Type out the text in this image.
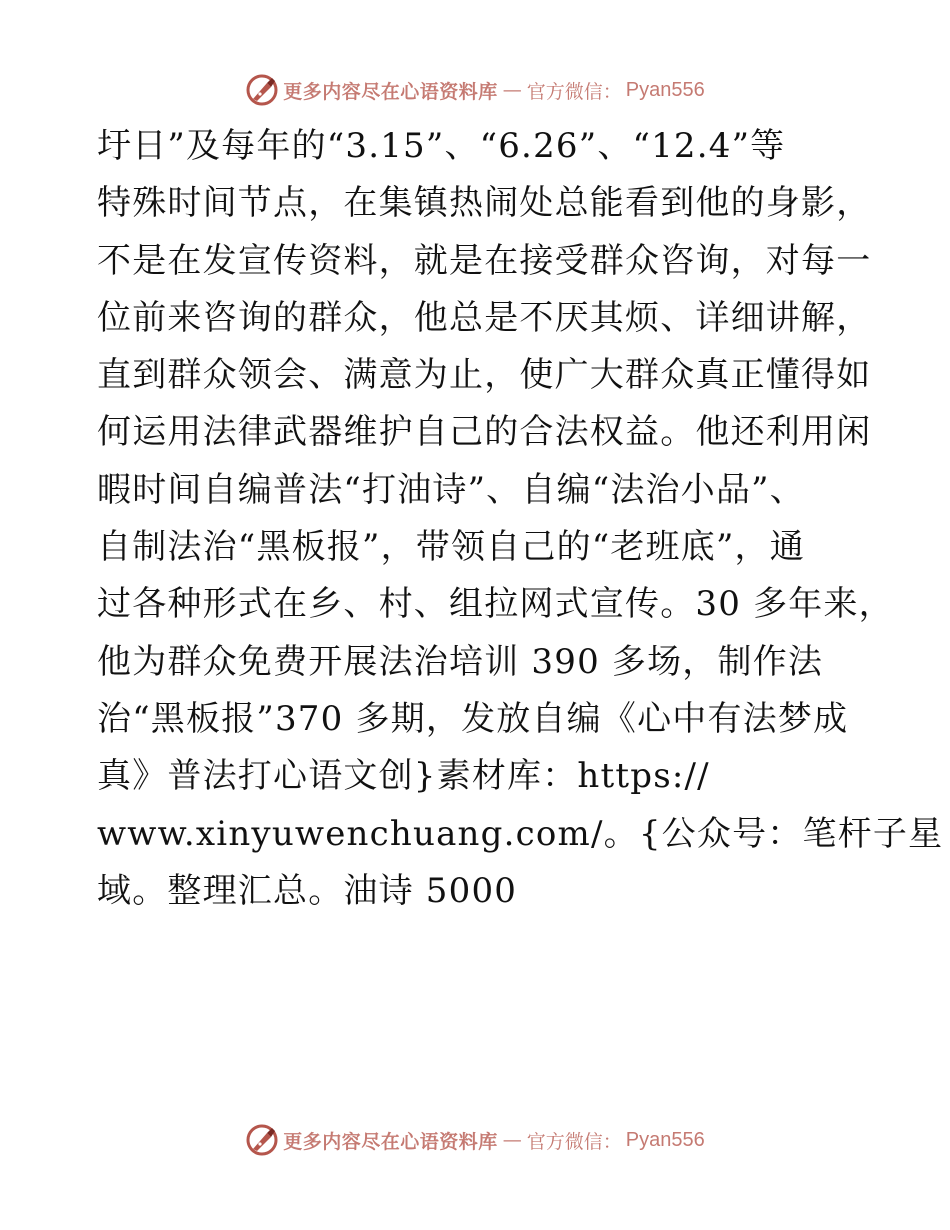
更多内容尽在心语资料库 — 官方微信： Pyan556
圩日”及每年的“3.15”、“6.26”、“12.4”等
特殊时间节点，在集镇热闹处总能看到他的身影，
不是在发宣传资料，就是在接受群众咨询，对每一
位前来咨询的群众，他总是不厌其烦、详细讲解，
直到群众领会、满意为止，使广大群众真正懂得如
何运用法律武器维护自己的合法权益。他还利用闲
暇时间自编普法“打油诗”、自编“法治小品”、
自制法治“黑板报”，带领自己的“老班底”，通
过各种形式在乡、村、组拉网式宣传。30 多年来，
他为群众免费开展法治培训 390 多场，制作法
治“黑板报”370 多期，发放自编《心中有法梦成
真》普法打心语文创}素材库：https://
www.xinyuwenchuang.com/。{公众号：笔杆子星
域。整理汇总。油诗 5000
更多内容尽在心语资料库 — 官方微信： Pyan556
